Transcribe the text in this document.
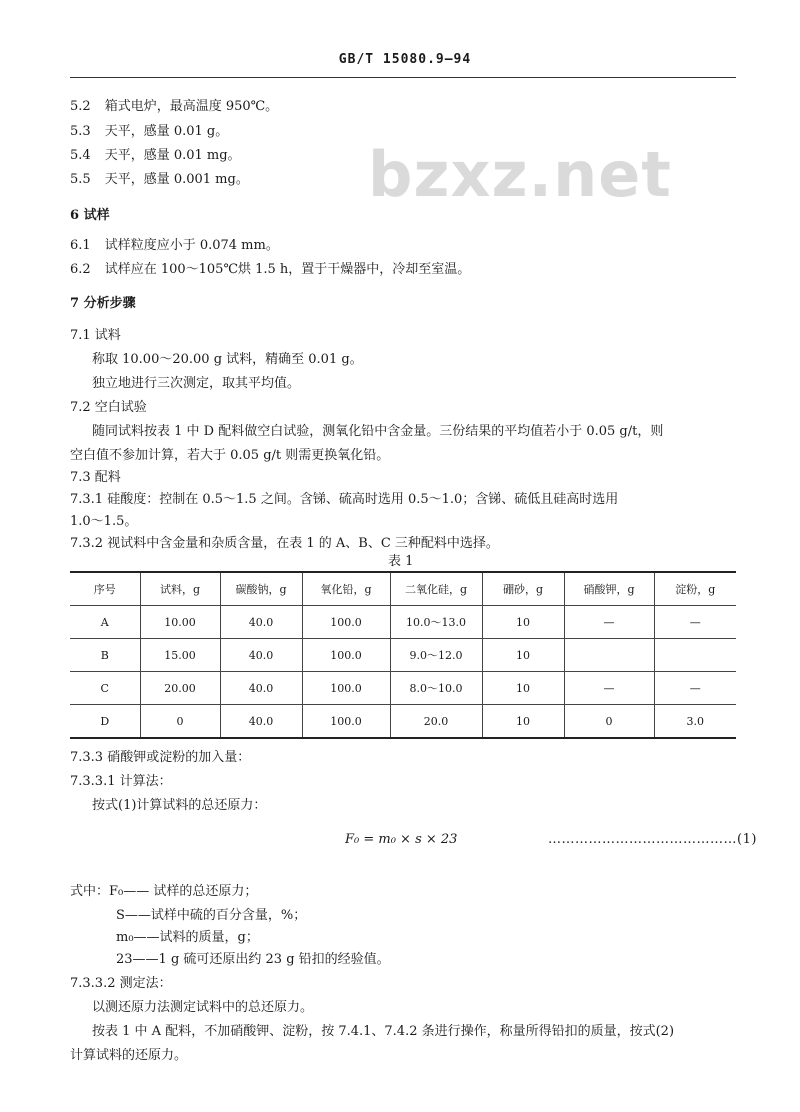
GB/T 15080.9—94
bzxz.net
5.2 箱式电炉，最高温度 950℃。
5.3 天平，感量 0.01 g。
5.4 天平，感量 0.01 mg。
5.5 天平，感量 0.001 mg。
6 试样
6.1 试样粒度应小于 0.074 mm。
6.2 试样应在 100～105℃烘 1.5 h，置于干燥器中，冷却至室温。
7 分析步骤
7.1 试料
称取 10.00～20.00 g 试料，精确至 0.01 g。
独立地进行三次测定，取其平均值。
7.2 空白试验
随同试料按表 1 中 D 配料做空白试验，测氧化铅中含金量。三份结果的平均值若小于 0.05 g/t，则
空白值不参加计算，若大于 0.05 g/t 则需更换氧化铅。
7.3 配料
7.3.1 硅酸度：控制在 0.5～1.5 之间。含锑、硫高时选用 0.5～1.0；含锑、硫低且硅高时选用
1.0～1.5。
7.3.2 视试料中含金量和杂质含量，在表 1 的 A、B、C 三种配料中选择。
表 1
序号	试料，g	碳酸钠，g	氧化铅，g	二氧化硅，g	硼砂，g	硝酸钾，g	淀粉，g
A	10.00	40.0	100.0	10.0～13.0	10	—	—
B	15.00	40.0	100.0	9.0～12.0	10		
C	20.00	40.0	100.0	8.0～10.0	10	—	—
D	0	40.0	100.0	20.0	10	0	3.0
7.3.3 硝酸钾或淀粉的加入量：
7.3.3.1 计算法：
按式(1)计算试料的总还原力：
F₀ = m₀ × s × 23	……………………………………(1)
式中：F₀—— 试样的总还原力；
S——试样中硫的百分含量，%；
m₀——试料的质量，g；
23——1 g 硫可还原出约 23 g 铅扣的经验值。
7.3.3.2 测定法：
以测还原力法测定试料中的总还原力。
按表 1 中 A 配料，不加硝酸钾、淀粉，按 7.4.1、7.4.2 条进行操作，称量所得铅扣的质量，按式(2)
计算试料的还原力。
